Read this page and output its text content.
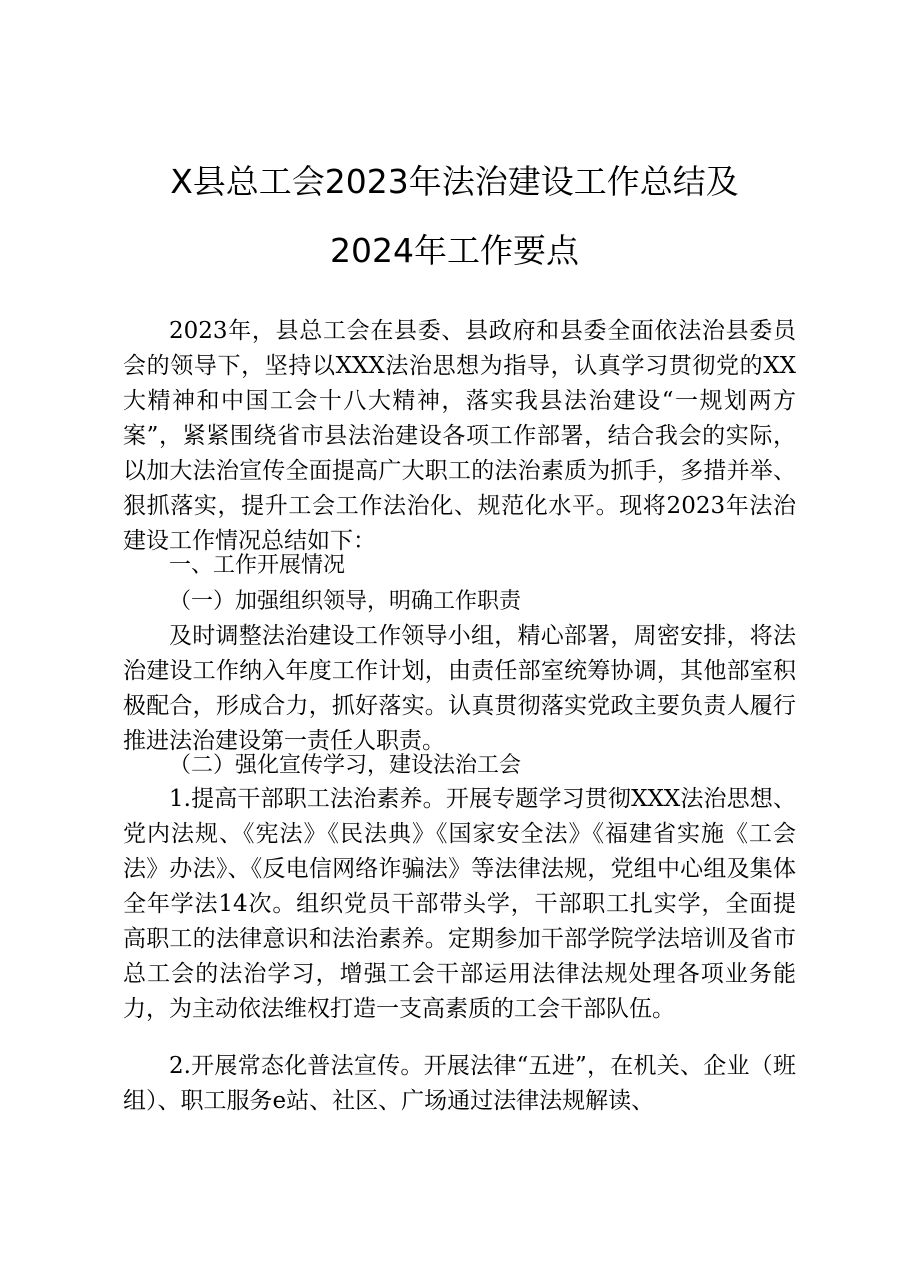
X县总工会2023年法治建设工作总结及
2024年工作要点

2023年，县总工会在县委、县政府和县委全面依法治县委员会的领导下，坚持以XXX法治思想为指导，认真学习贯彻党的XX大精神和中国工会十八大精神，落实我县法治建设“一规划两方案”，紧紧围绕省市县法治建设各项工作部署，结合我会的实际，以加大法治宣传全面提高广大职工的法治素质为抓手，多措并举、狠抓落实，提升工会工作法治化、规范化水平。现将2023年法治建设工作情况总结如下：

一、工作开展情况

（一）加强组织领导，明确工作职责

及时调整法治建设工作领导小组，精心部署，周密安排，将法治建设工作纳入年度工作计划，由责任部室统筹协调，其他部室积极配合，形成合力，抓好落实。认真贯彻落实党政主要负责人履行推进法治建设第一责任人职责。

（二）强化宣传学习，建设法治工会

1.提高干部职工法治素养。开展专题学习贯彻XXX法治思想、党内法规、《宪法》《民法典》《国家安全法》《福建省实施《工会法》办法》、《反电信网络诈骗法》等法律法规，党组中心组及集体全年学法14次。组织党员干部带头学，干部职工扎实学，全面提高职工的法律意识和法治素养。定期参加干部学院学法培训及省市总工会的法治学习，增强工会干部运用法律法规处理各项业务能力，为主动依法维权打造一支高素质的工会干部队伍。

2.开展常态化普法宣传。开展法律“五进”，在机关、企业（班组）、职工服务e站、社区、广场通过法律法规解读、
